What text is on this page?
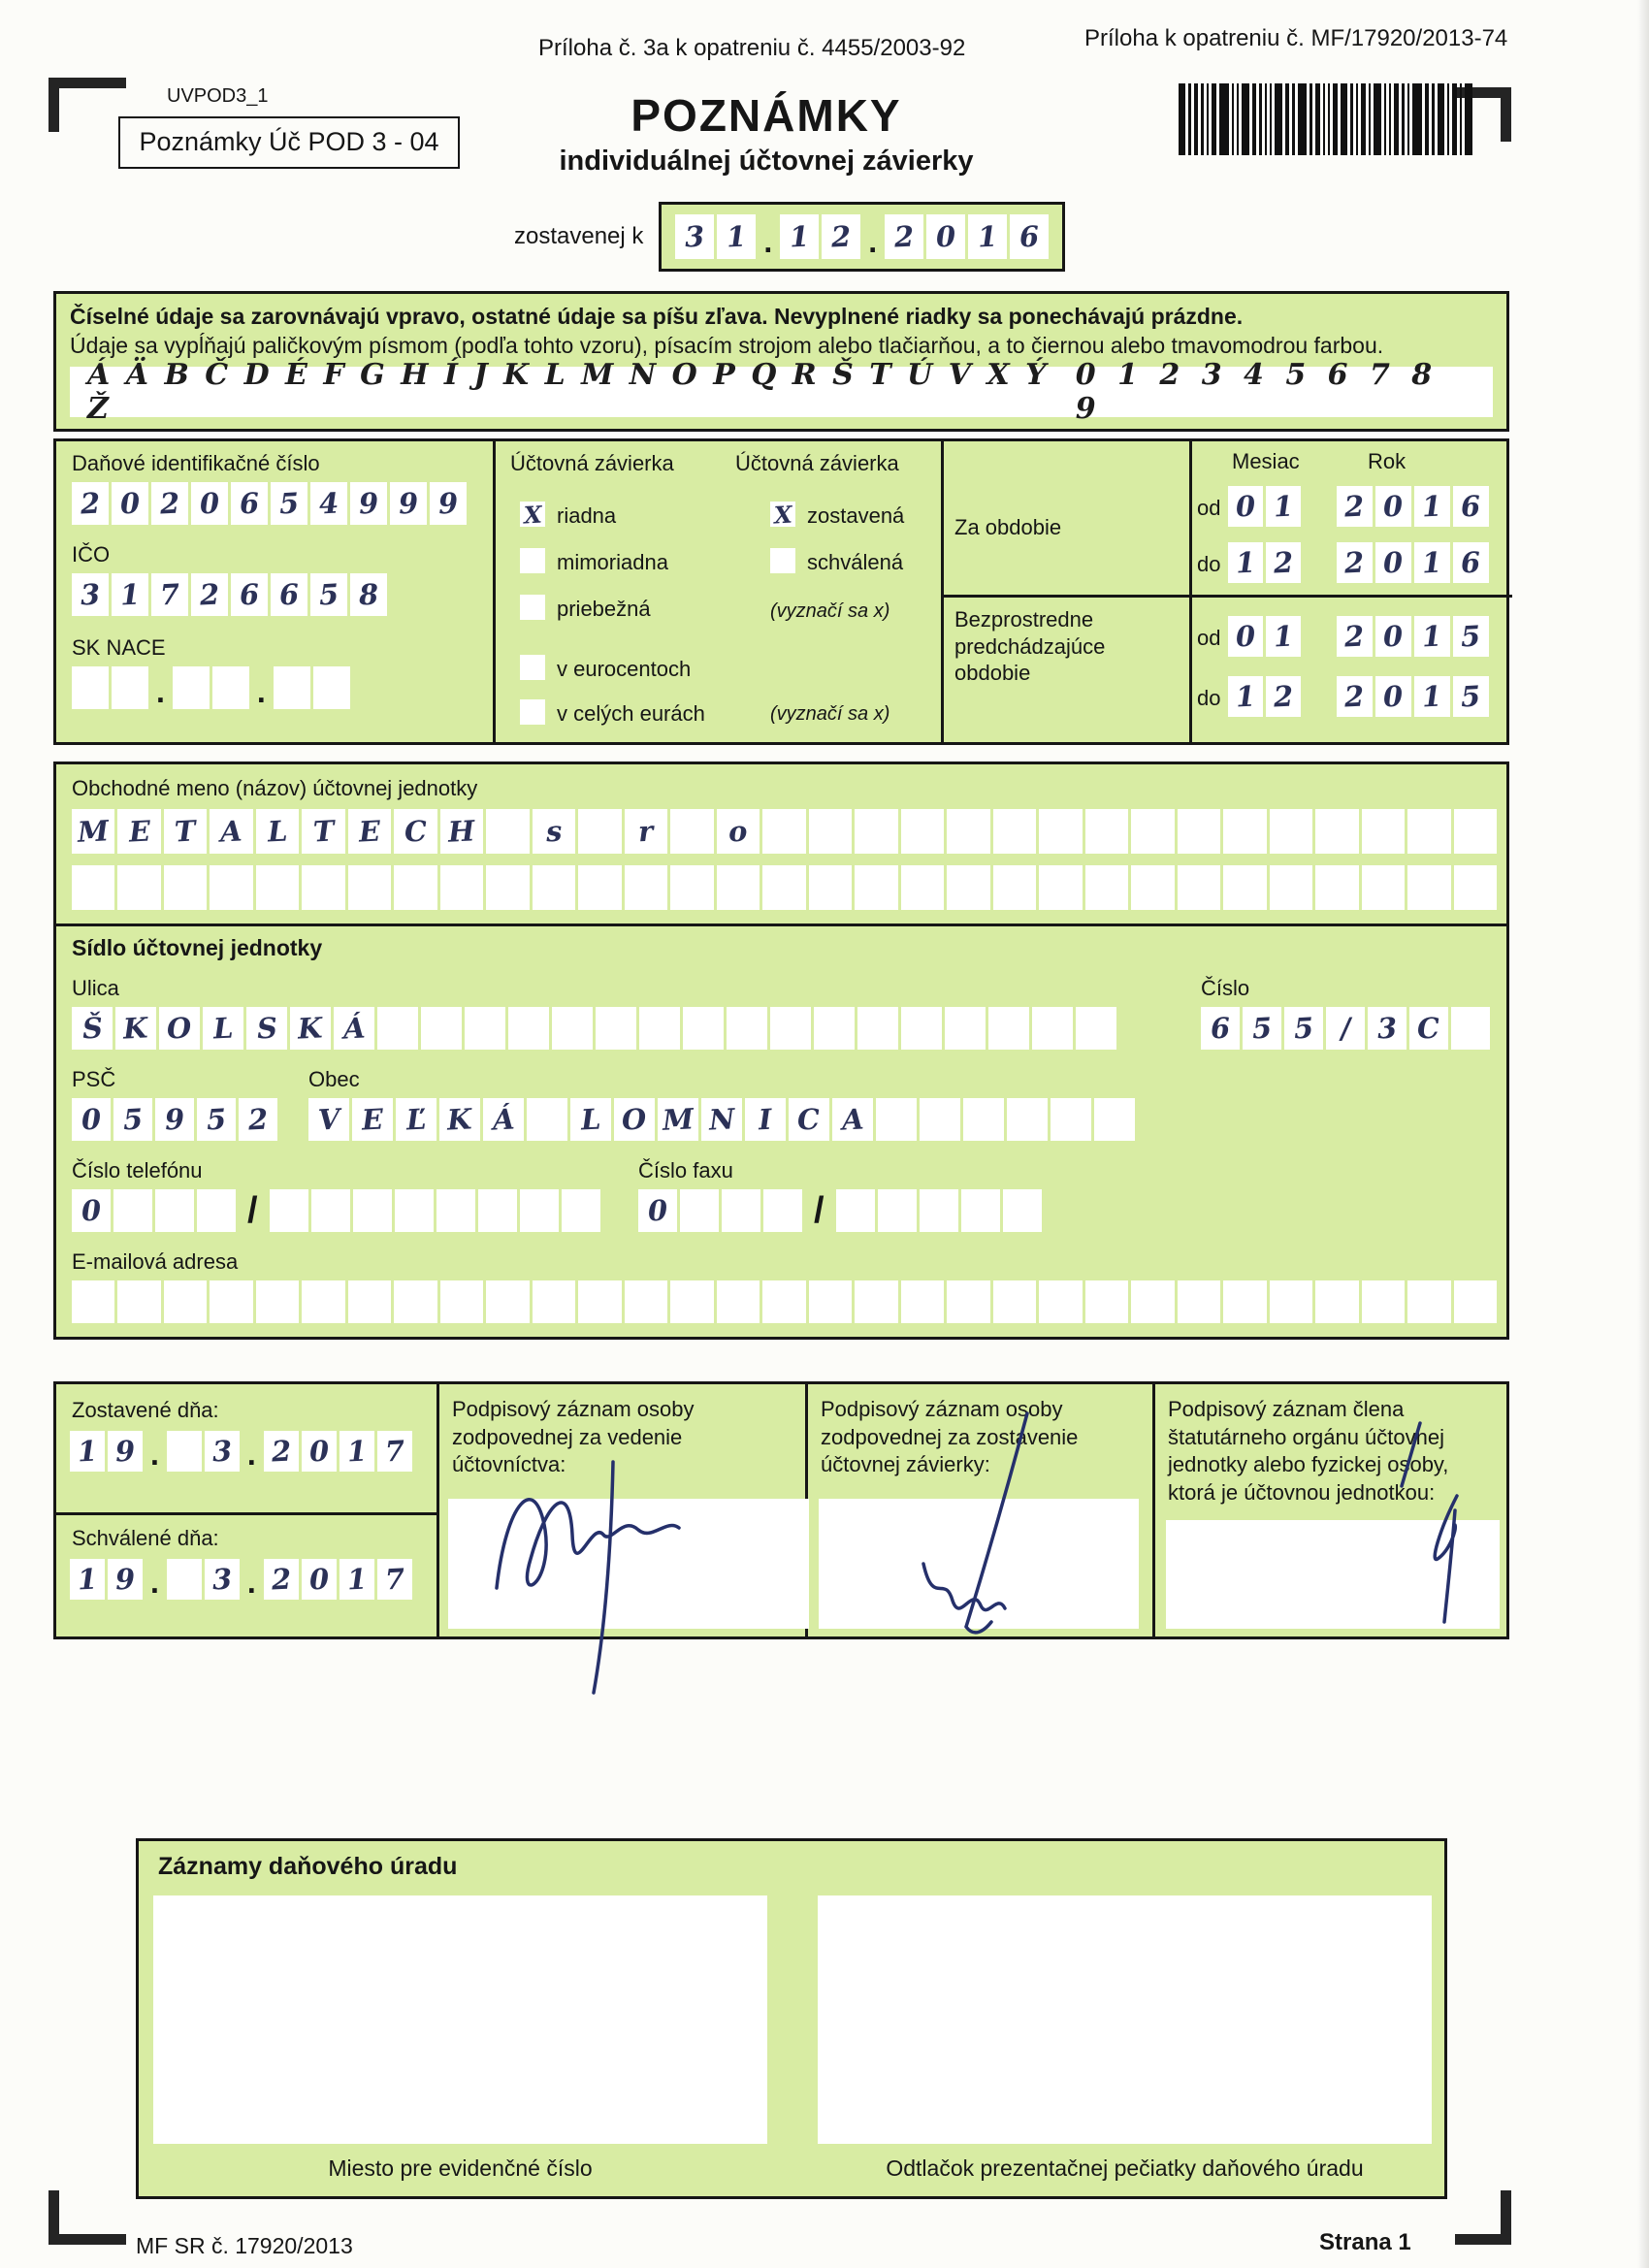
Príloha č. 3a k opatreniu č. 4455/2003-92	Príloha k opatreniu č. MF/17920/2013-74
UVPOD3_1
Poznámky Úč POD 3 - 04
POZNÁMKY
individuálnej účtovnej závierky
zostavenej k 3 1 . 1 2 . 2 0 1 6
Číselné údaje sa zarovnávajú vpravo, ostatné údaje sa píšu zľava. Nevyplnené riadky sa ponechávajú prázdne.
Údaje sa vypĺňajú paličkovým písmom (podľa tohto vzoru), písacím strojom alebo tlačiarňou, a to čiernou alebo tmavomodrou farbou.
Á Ä B Č D É F G H Í J K L M N O P Q R Š T Ú V X Ý Ž
0 1 2 3 4 5 6 7 8 9
Daňové identifikačné číslo
2 0 2 0 6 5 4 9 9 9
IČO
3 1 7 2 6 6 5 8
SK NACE
.	.
Účtovná závierka	Účtovná závierka
X riadna	X zostavená
mimoriadna	schválená
priebežná	(vyznačí sa x)
v eurocentoch
v celých eurách	(vyznačí sa x)
Mesiac	Rok
Za obdobie
od 0 1 2 0 1 6
do 1 2 2 0 1 6
Bezprostredne predchádzajúce obdobie
od 0 1 2 0 1 5
do 1 2 2 0 1 5
Obchodné meno (názov) účtovnej jednotky
M E T A L T E C H s	r	o
Sídlo účtovnej jednotky
Ulica	Číslo
Š K O L S K Á	6 5 5 / 3 C
PSČ	Obec
0 5 9 5 2 V E Ľ K Á L O M N I C A
Číslo telefónu	Číslo faxu
0	/	0	/
E-mailová adresa
Zostavené dňa:
1 9 . 3 . 2 0 1 7
Schválené dňa:
1 9 . 3 . 2 0 1 7
Podpisový záznam osoby zodpovednej za vedenie účtovníctva:
Podpisový záznam osoby zodpovednej za zostavenie účtovnej závierky:
Podpisový záznam člena štatutárneho orgánu účtovnej jednotky alebo fyzickej osoby, ktorá je účtovnou jednotkou:
Záznamy daňového úradu
Miesto pre evidenčné číslo	Odtlačok prezentačnej pečiatky daňového úradu
MF SR č. 17920/2013	Strana 1
